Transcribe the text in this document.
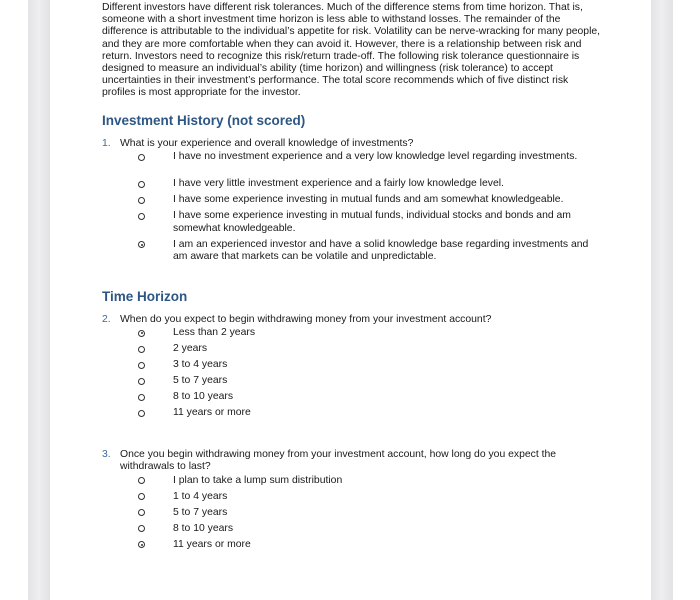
Different investors have different risk tolerances. Much of the difference stems from time horizon. That is, someone with a short investment time horizon is less able to withstand losses. The remainder of the difference is attributable to the individual’s appetite for risk. Volatility can be nerve-wracking for many people, and they are more comfortable when they can avoid it. However, there is a relationship between risk and return. Investors need to recognize this risk/return trade-off. The following risk tolerance questionnaire is designed to measure an individual’s ability (time horizon) and willingness (risk tolerance) to accept uncertainties in their investment’s performance. The total score recommends which of five distinct risk profiles is most appropriate for the investor.

Investment History (not scored)
1. What is your experience and overall knowledge of investments?
I have no investment experience and a very low knowledge level regarding investments.
I have very little investment experience and a fairly low knowledge level.
I have some experience investing in mutual funds and am somewhat knowledgeable.
I have some experience investing in mutual funds, individual stocks and bonds and am somewhat knowledgeable.
I am an experienced investor and have a solid knowledge base regarding investments and am aware that markets can be volatile and unpredictable.
Time Horizon
2. When do you expect to begin withdrawing money from your investment account?
Less than 2 years
2 years
3 to 4 years
5 to 7 years
8 to 10 years
11 years or more
3. Once you begin withdrawing money from your investment account, how long do you expect the withdrawals to last?
I plan to take a lump sum distribution
1 to 4 years
5 to 7 years
8 to 10 years
11 years or more
